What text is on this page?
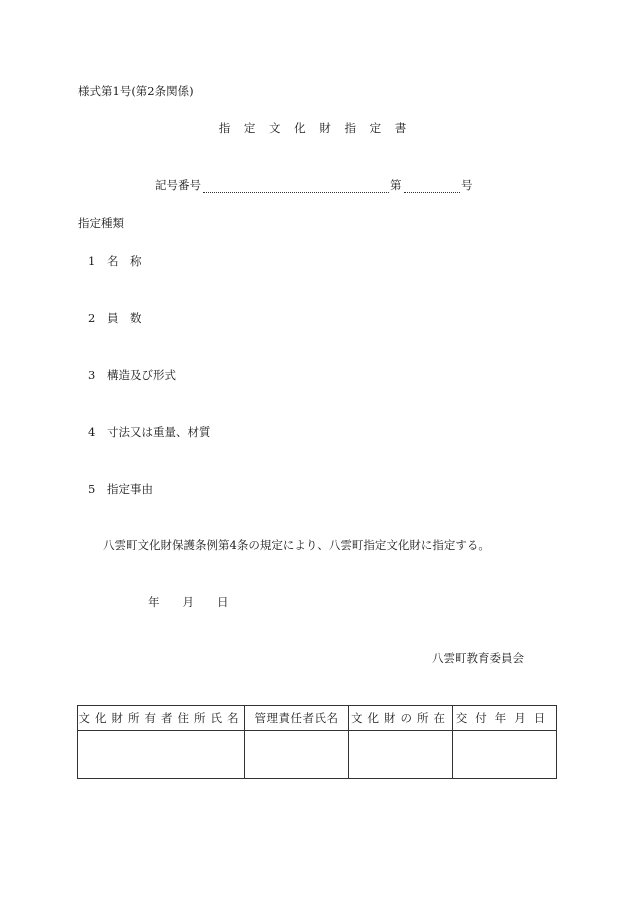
様式第1号(第2条関係)
指 定 文 化 財 指 定 書
記号番号	第	号
指定種類
1 名　称
2 員　数
3 構造及び形式
4 寸法又は重量、材質
5 指定事由
八雲町文化財保護条例第4条の規定により、八雲町指定文化財に指定する。
年　　月　　日
八雲町教育委員会
文化財所有者住所氏名	管理責任者氏名	文化財の所在	交付年月日
